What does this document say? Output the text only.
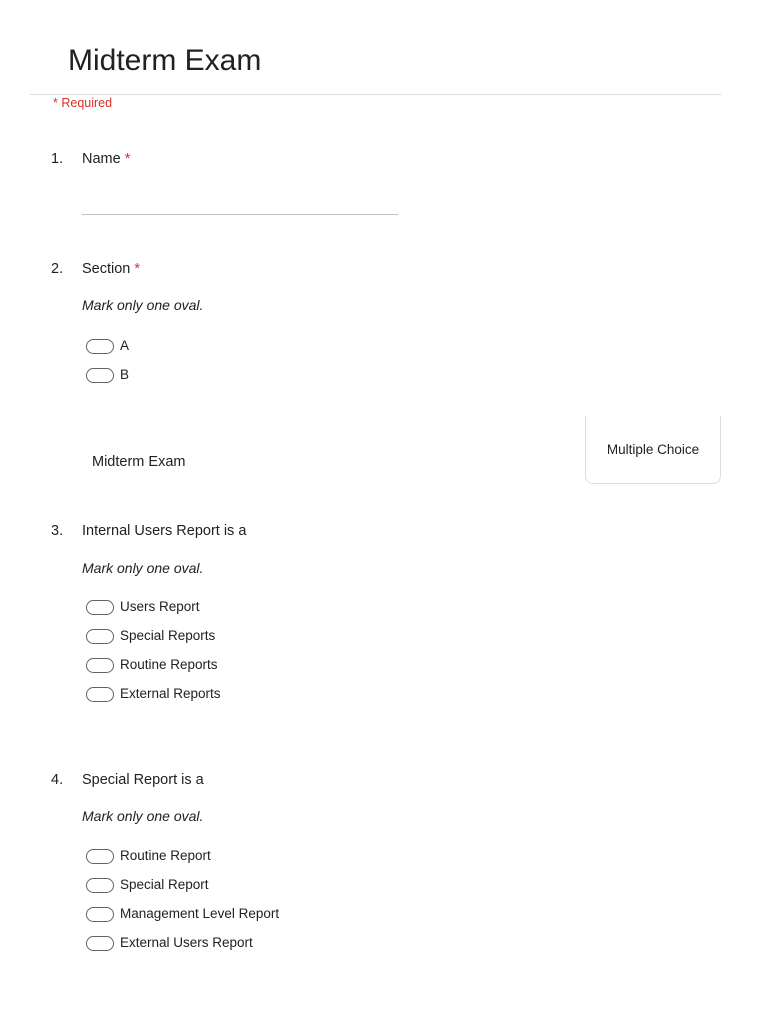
Midterm Exam
* Required
1. Name *
2. Section *
Mark only one oval.
A
B
Midterm Exam
Multiple Choice
3. Internal Users Report is a
Mark only one oval.
Users Report
Special Reports
Routine Reports
External Reports
4. Special Report is a
Mark only one oval.
Routine Report
Special Report
Management Level Report
External Users Report
